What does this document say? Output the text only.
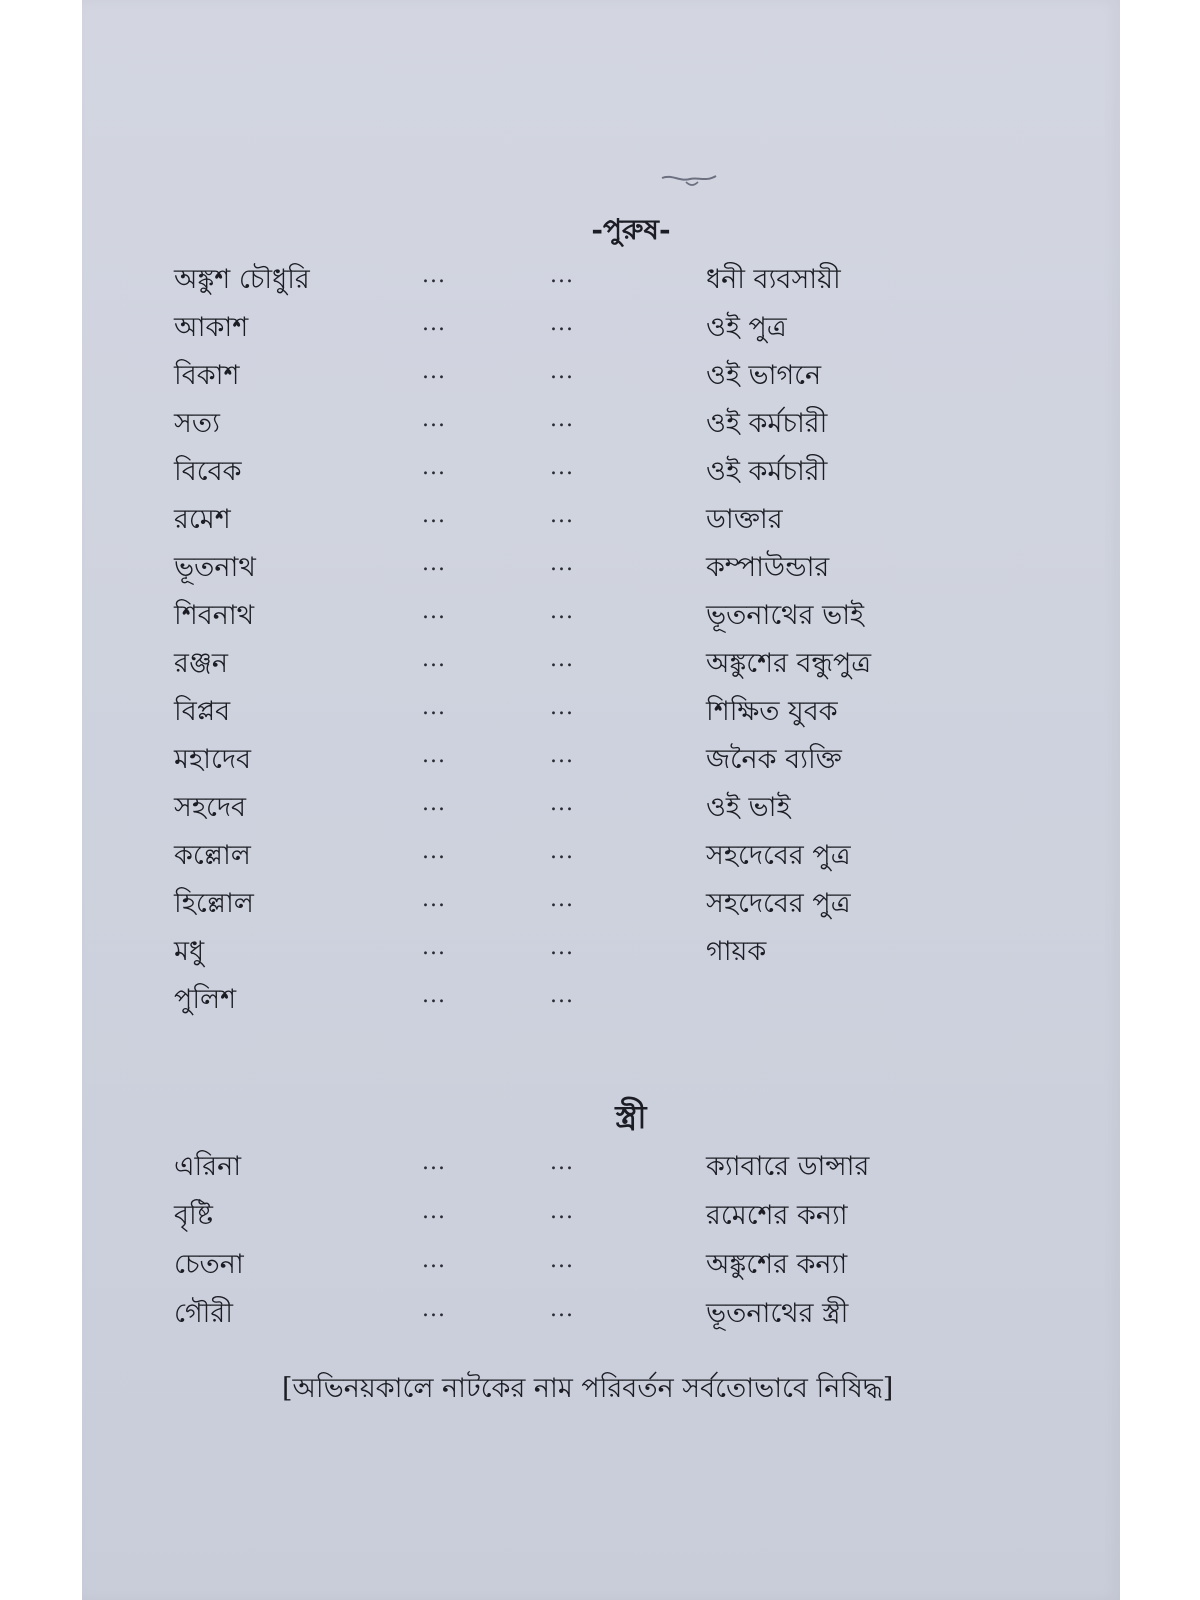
-পুরুষ-
অঙ্কুশ চৌধুরি	...	...	ধনী ব্যবসায়ী
আকাশ	...	...	ওই পুত্র
বিকাশ	...	...	ওই ভাগনে
সত্য	...	...	ওই কর্মচারী
বিবেক	...	...	ওই কর্মচারী
রমেশ	...	...	ডাক্তার
ভূতনাথ	...	...	কম্পাউন্ডার
শিবনাথ	...	...	ভূতনাথের ভাই
রঞ্জন	...	...	অঙ্কুশের বন্ধুপুত্র
বিপ্লব	...	...	শিক্ষিত যুবক
মহাদেব	...	...	জনৈক ব্যক্তি
সহদেব	...	...	ওই ভাই
কল্লোল	...	...	সহদেবের পুত্র
হিল্লোল	...	...	সহদেবের পুত্র
মধু	...	...	গায়ক
পুলিশ	...	...
স্ত্রী
এরিনা	...	...	ক্যাবারে ডান্সার
বৃষ্টি	...	...	রমেশের কন্যা
চেতনা	...	...	অঙ্কুশের কন্যা
গৌরী	...	...	ভূতনাথের স্ত্রী
[অভিনয়কালে নাটকের নাম পরিবর্তন সর্বতোভাবে নিষিদ্ধ]
